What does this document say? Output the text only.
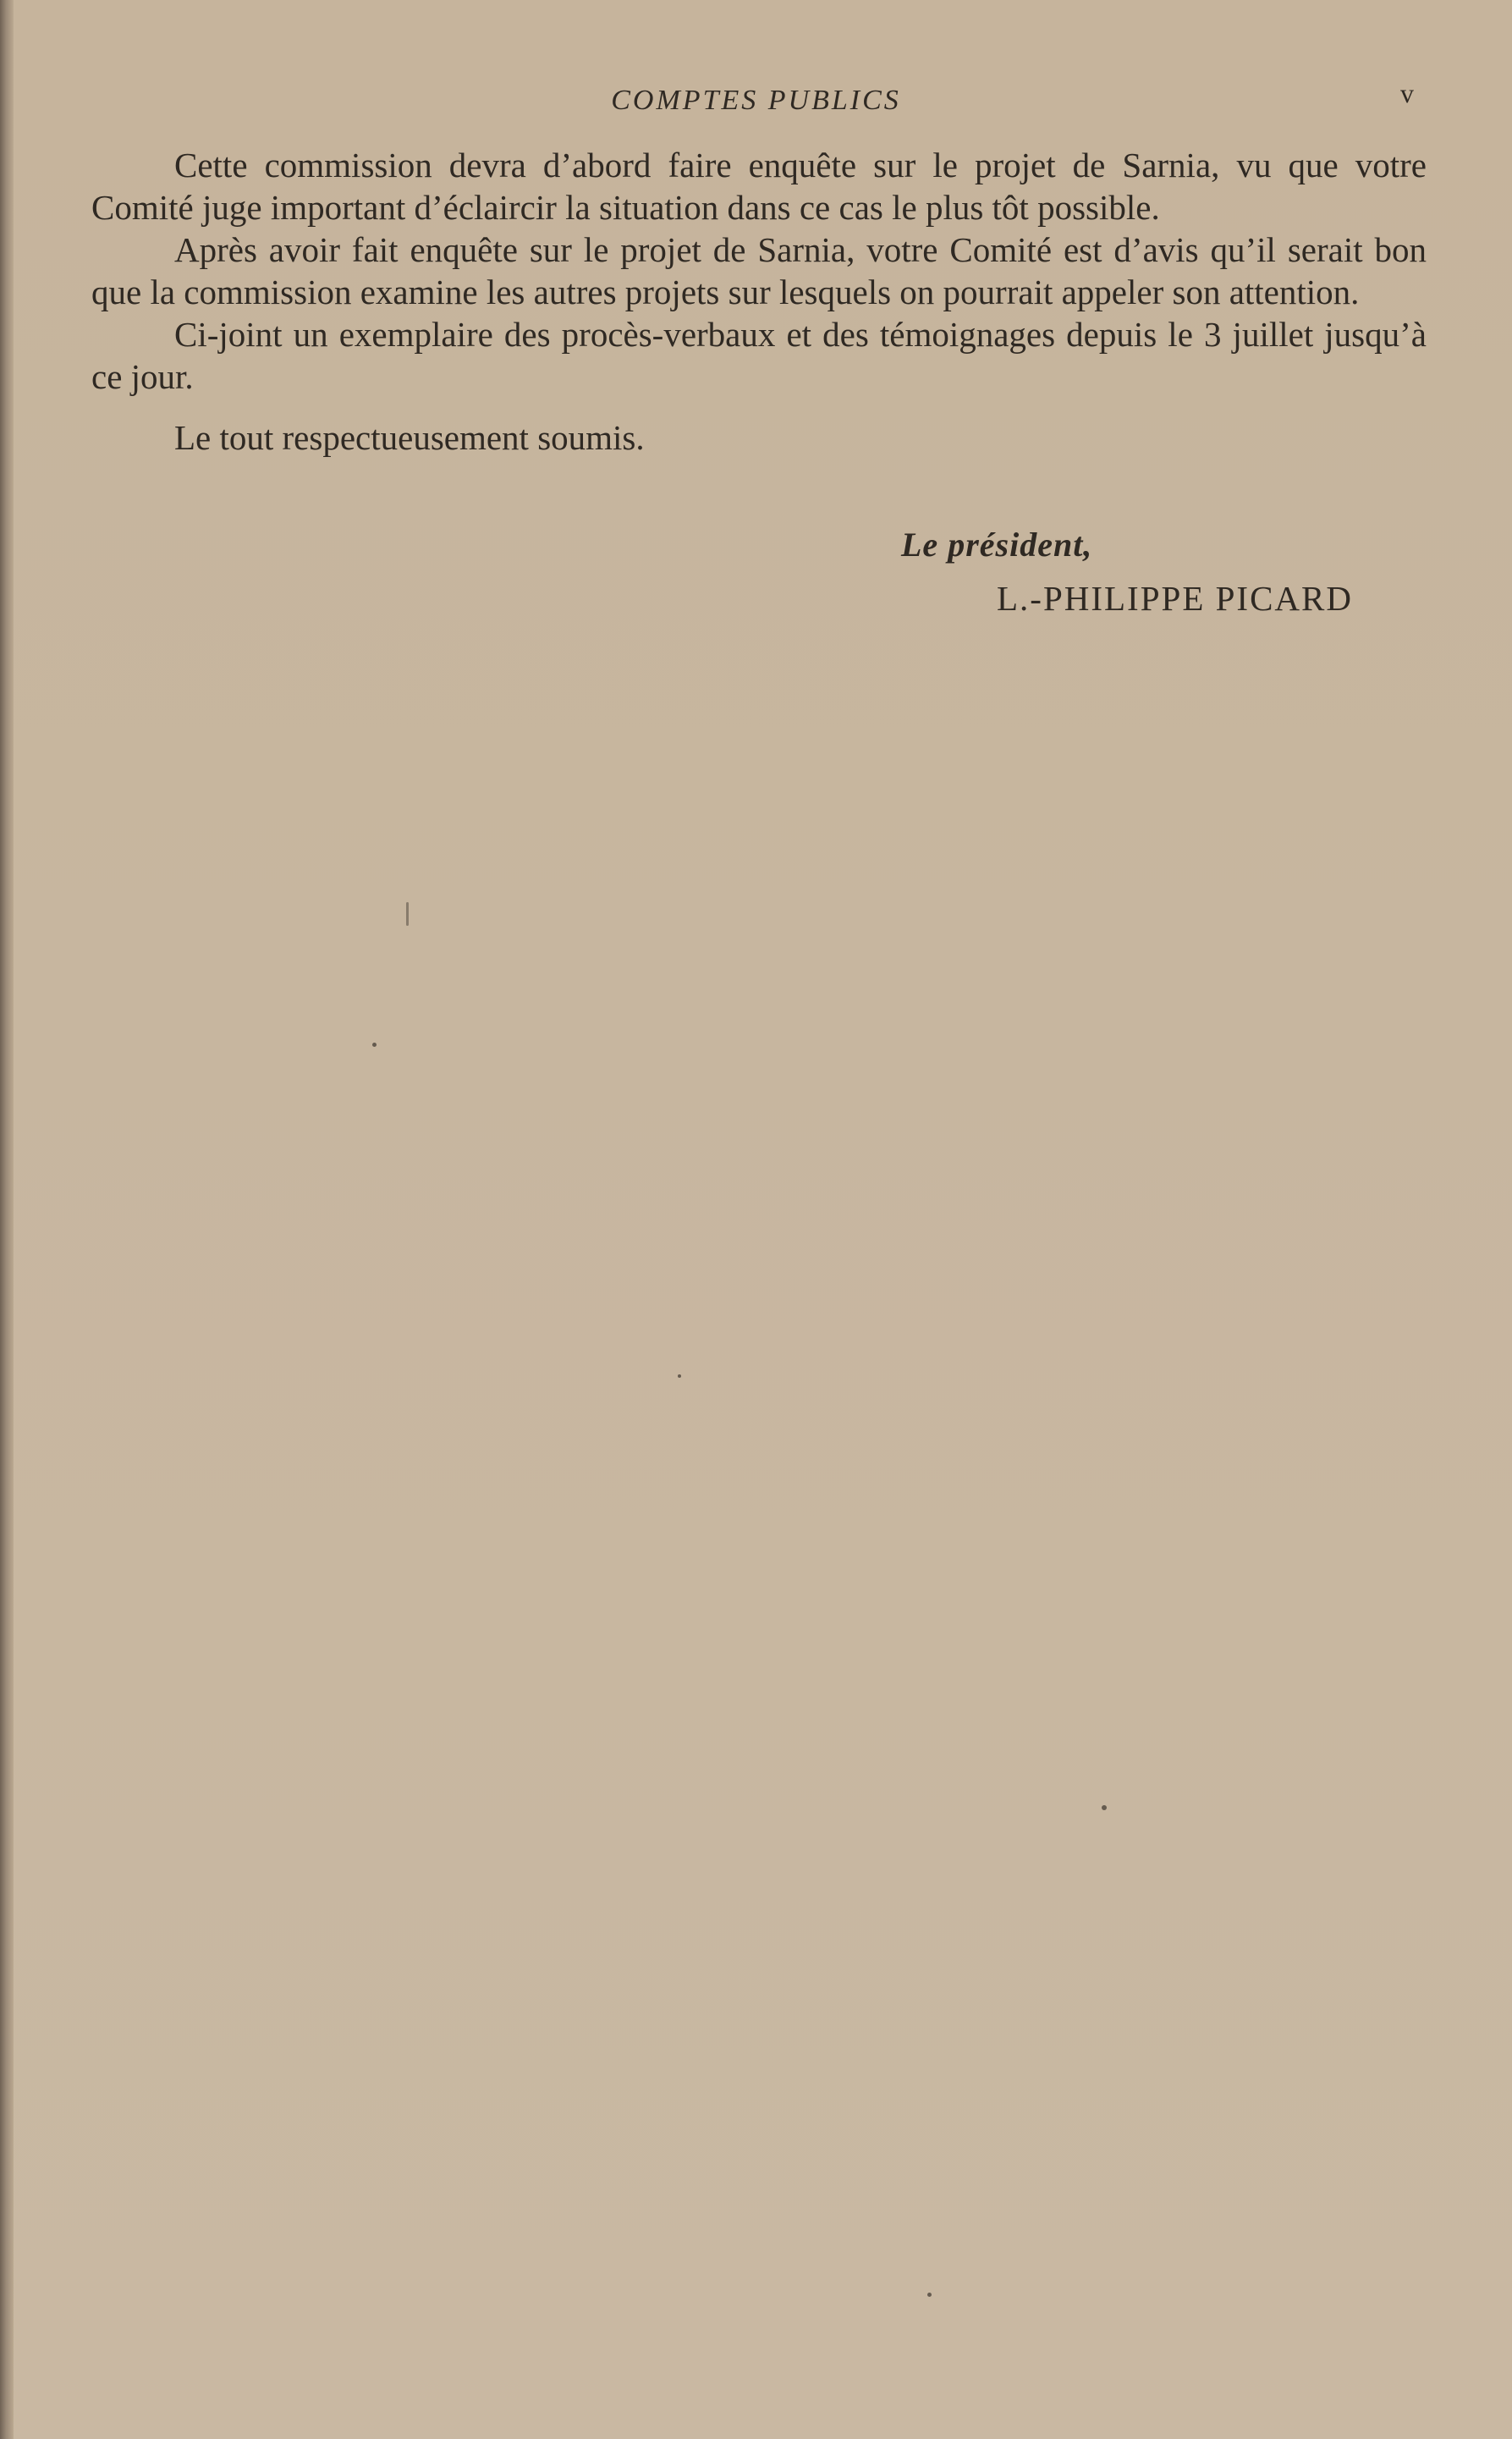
COMPTES PUBLICS	v

Cette commission devra d’abord faire enquête sur le projet de Sarnia, vu que votre Comité juge important d’éclaircir la situation dans ce cas le plus tôt possible.

Après avoir fait enquête sur le projet de Sarnia, votre Comité est d’avis qu’il serait bon que la commission examine les autres projets sur lesquels on pourrait appeler son attention.

Ci-joint un exemplaire des procès-verbaux et des témoignages depuis le 3 juillet jusqu’à ce jour.

Le tout respectueusement soumis.

Le président,
L.-PHILIPPE PICARD
